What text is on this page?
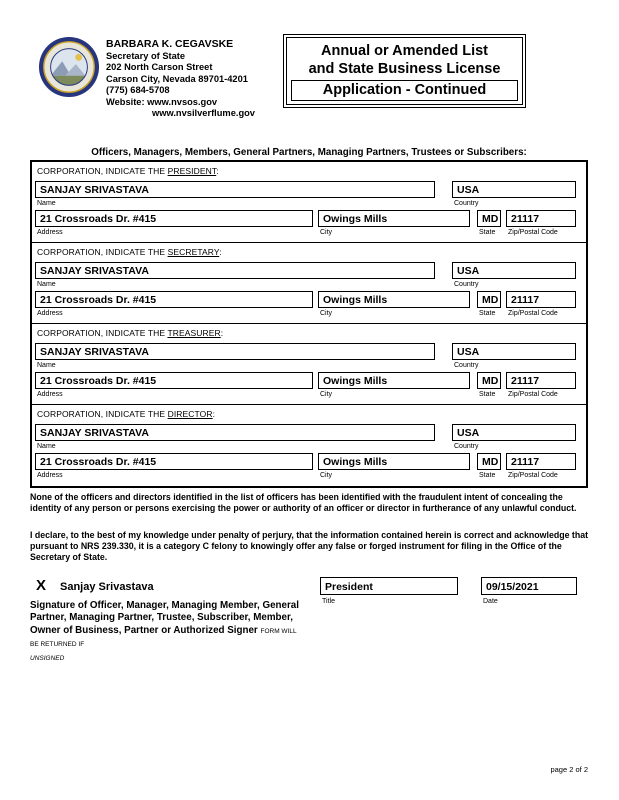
BARBARA K. CEGAVSKE
Secretary of State
202 North Carson Street
Carson City, Nevada 89701-4201
(775) 684-5708
Website: www.nvsos.gov
www.nvsilverflume.gov
Annual or Amended List
and State Business License
Application - Continued
Officers, Managers, Members, General Partners, Managing Partners, Trustees or Subscribers:
CORPORATION, INDICATE THE PRESIDENT:
SANJAY SRIVASTAVA	USA
Name	Country
21 Crossroads Dr. #415	Owings Mills	MD	21117
Address	City	State Zip/Postal Code
CORPORATION, INDICATE THE SECRETARY:
SANJAY SRIVASTAVA	USA
Name	Country
21 Crossroads Dr. #415	Owings Mills	MD	21117
Address	City	State Zip/Postal Code
CORPORATION, INDICATE THE TREASURER:
SANJAY SRIVASTAVA	USA
Name	Country
21 Crossroads Dr. #415	Owings Mills	MD	21117
Address	City	State Zip/Postal Code
CORPORATION, INDICATE THE DIRECTOR:
SANJAY SRIVASTAVA	USA
Name	Country
21 Crossroads Dr. #415	Owings Mills	MD	21117
Address	City	State Zip/Postal Code
None of the officers and directors identified in the list of officers has been identified with the fraudulent intent of concealing the identity of any person or persons exercising the power or authority of an officer or director in furtherance of any unlawful conduct.
I declare, to the best of my knowledge under penalty of perjury, that the information contained herein is correct and acknowledge that pursuant to NRS 239.330, it is a category C felony to knowingly offer any false or forged instrument for filing in the Office of the Secretary of State.
X Sanjay Srivastava	President
Title
09/15/2021
Date
Signature of Officer, Manager, Managing Member, General Partner, Managing Partner, Trustee, Subscriber, Member, Owner of Business, Partner or Authorized Signer FORM WILL BE RETURNED IF
UNSIGNED
page 2 of 2
